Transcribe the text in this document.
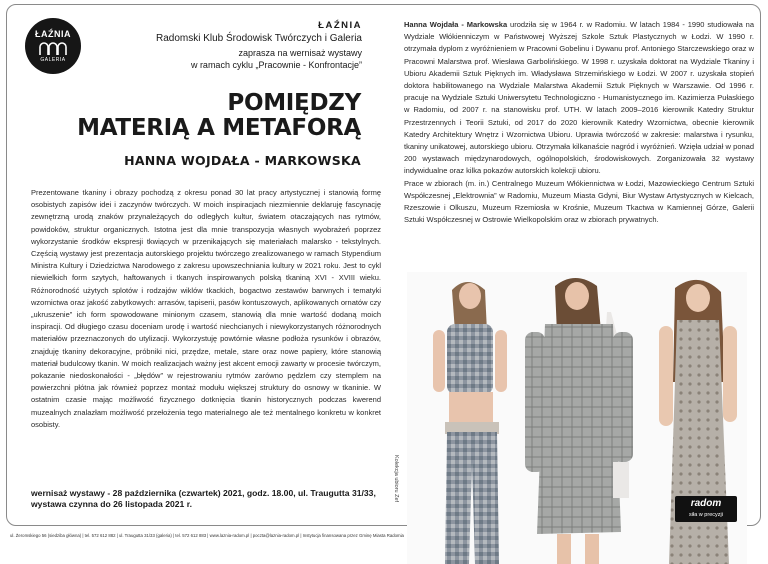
ŁAŹNIA
GALERIA
ŁAŹNIA
Radomski Klub Środowisk Twórczych i Galeria
zaprasza na wernisaż wystawy
w ramach cyklu „Pracownie - Konfrontacje”
POMIĘDZY
MATERIĄ A METAFORĄ
HANNA WOJDAŁA - MARKOWSKA

Prezentowane tkaniny i obrazy pochodzą z okresu ponad 30 lat pracy artystycznej i stanowią formę osobistych zapisów idei i zaczynów twórczych. W moich inspiracjach niezmiennie deklaruję fascynację zewnętrzną urodą znaków przynależących do odległych kultur, światem otaczających nas rytmów, powidoków, struktur organicznych. Istotna jest dla mnie transpozycja własnych wyobrażeń poprzez wykorzystanie środków ekspresji tkwiących w przenikających się materiałach malarsko - tekstylnych. Częścią wystawy jest prezentacja autorskiego projektu twórczego zrealizowanego w ramach Stypendium Ministra Kultury i Dziedzictwa Narodowego z zakresu upowszechniania kultury w 2021 roku. Jest to cykl niewielkich form szytych, haftowanych i tkanych inspirowanych polską tkaniną XVI - XVIII wieku. Różnorodność użytych splotów i rodzajów wiklów tkackich, bogactwo zestawów barwnych i tematyki wzornictwa oraz jakość zabytkowych: arrasów, tapiserii, pasów kontuszowych, aplikowanych ornatów czy „ukruszenie” ich form spowodowane minionym czasem, stanowią dla mnie wartość dodaną moich inspiracji. Od długiego czasu doceniam urodę i wartość niechcianych i niewykorzystanych różnorodnych materiałów przeznaczonych do utylizacji. Wykorzystuję powtórnie własne podłoża rysunków i obrazów, znajduję tkaniny dekoracyjne, próbniki nici, przędze, metale, stare oraz nowe papiery, które stanowią materiał budulcowy tkanin. W moich realizacjach ważny jest akcent emocji zawarty w procesie twórczym, pokazanie niedoskonałości - „błędów” w rejestrowaniu rytmów zarówno pędzlem czy stemplem na powierzchni płótna jak również poprzez montaż modułu większej struktury do osnowy w tkaninie. W ostatnim czasie mając możliwość fizycznego dotknięcia tkanin historycznych podczas kwerend muzealnych znalazłam możliwość przełożenia tego materialnego ale też mentalnego konkretu w konkret osobisty.

wernisaż wystawy - 28 października (czwartek) 2021, godz. 18.00, ul. Traugutta 31/33,
wystawa czynna do 26 listopada 2021 r.

Hanna Wojdała - Markowska urodziła się w 1964 r. w Radomiu. W latach 1984 - 1990 studiowała na Wydziale Włókienniczym w Państwowej Wyższej Szkole Sztuk Plastycznych w Łodzi. W 1990 r. otrzymała dyplom z wyróżnieniem w Pracowni Gobelinu i Dywanu prof. Antoniego Starczewskiego oraz w Pracowni Malarstwa prof. Wiesława Garbolińskiego. W 1998 r. uzyskała doktorat na Wydziale Tkaniny i Ubioru Akademii Sztuk Pięknych im. Władysława Strzemińskiego w Łodzi. W 2007 r. uzyskała stopień doktora habilitowanego na Wydziale Malarstwa Akademii Sztuk Pięknych w Warszawie. Od 1996 r. pracuje na Wydziale Sztuki Uniwersytetu Technologiczno - Humanistycznego im. Kazimierza Pułaskiego w Radomiu, od 2007 r. na stanowisku prof. UTH. W latach 2009–2016 kierownik Katedry Struktur Przestrzennych i Teorii Sztuki, od 2017 do 2020 kierownik Katedry Wzornictwa, obecnie kierownik Katedry Architektury Wnętrz i Wzornictwa Ubioru. Uprawia twórczość w zakresie: malarstwa i rysunku, tkaniny unikatowej, autorskiego ubioru. Otrzymała kilkanaście nagród i wyróżnień. Wzięła udział w ponad 200 wystawach międzynarodowych, ogólnopolskich, środowiskowych. Zorganizowała 32 wystawy indywidualne oraz kilka pokazów autorskich kolekcji ubioru.

Prace w zbiorach (m. in.) Centralnego Muzeum Włókiennictwa w Łodzi, Mazowieckiego Centrum Sztuki Współczesnej „Elektrownia” w Radomiu, Muzeum Miasta Gdyni, Biur Wystaw Artystycznych w Kielcach, Rzeszowie i Olkuszu, Muzeum Rzemiosła w Krośnie, Muzeum Tkactwa w Kamiennej Górze, Galerii Sztuki Współczesnej w Ostrowie Wielkopolskim oraz w zbiorach prywatnych.

Kolekcja ubioru Zef
radom
siła w precyzji
ul. Żeromskiego 56 (siedziba główna) | tel. 572 612 882 | ul. Traugutta 31/33 (galeria) | tel. 572 612 883 | www.laznia-radom.pl | poczta@laznia-radom.pl | Instytucja finansowana przez Gminę Miasta Radomia
